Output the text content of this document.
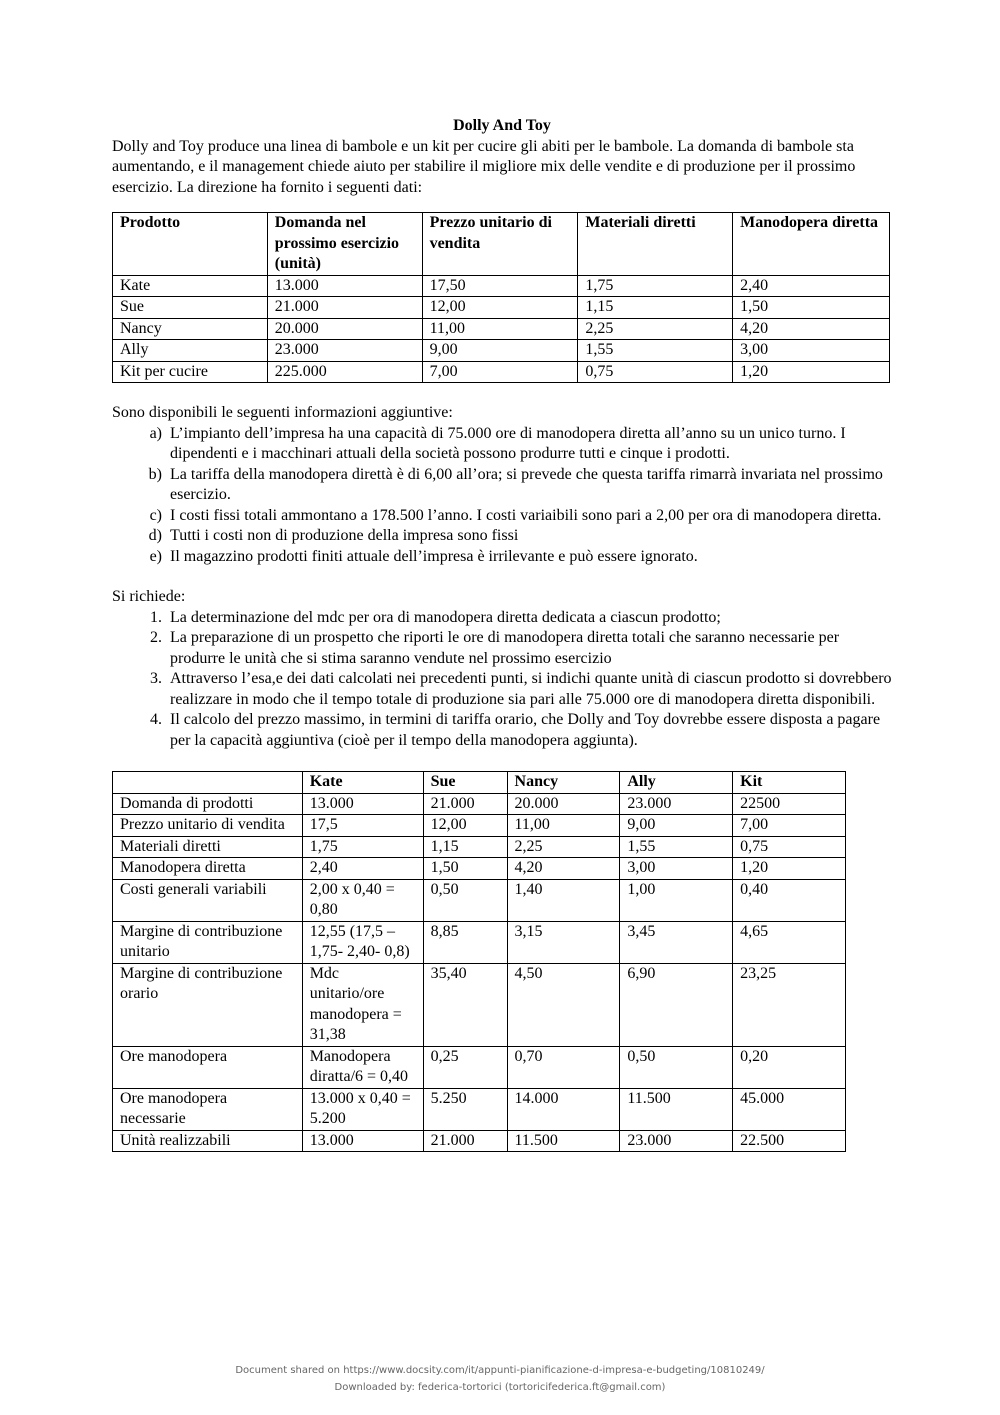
Dolly And Toy

Dolly and Toy produce una linea di bambole e un kit per cucire gli abiti per le bambole. La domanda di bambole sta aumentando, e il management chiede aiuto per stabilire il migliore mix delle vendite e di produzione per il prossimo esercizio. La direzione ha fornito i seguenti dati:

Prodotto	Domanda nel prossimo esercizio (unità)	Prezzo unitario di vendita	Materiali diretti	Manodopera diretta
Kate	13.000	17,50	1,75	2,40
Sue	21.000	12,00	1,15	1,50
Nancy	20.000	11,00	2,25	4,20
Ally	23.000	9,00	1,55	3,00
Kit per cucire	225.000	7,00	0,75	1,20

Sono disponibili le seguenti informazioni aggiuntive:

a. L’impianto dell’impresa ha una capacità di 75.000 ore di manodopera diretta all’anno su un unico turno. I dipendenti e i macchinari attuali della società possono produrre tutti e cinque i prodotti.
b. La tariffa della manodopera direttà è di 6,00 all’ora; si prevede che questa tariffa rimarrà invariata nel prossimo esercizio.
c. I costi fissi totali ammontano a 178.500 l’anno. I costi variaibili sono pari a 2,00 per ora di manodopera diretta.
d. Tutti i costi non di produzione della impresa sono fissi
e. Il magazzino prodotti finiti attuale dell’impresa è irrilevante e può essere ignorato.

Si richiede:

1. La determinazione del mdc per ora di manodopera diretta dedicata a ciascun prodotto;
2. La preparazione di un prospetto che riporti le ore di manodopera diretta totali che saranno necessarie per produrre le unità che si stima saranno vendute nel prossimo esercizio
3. Attraverso l’esa,e dei dati calcolati nei precedenti punti, si indichi quante unità di ciascun prodotto si dovrebbero realizzare in modo che il tempo totale di produzione sia pari alle 75.000 ore di manodopera diretta disponibili.
4. Il calcolo del prezzo massimo, in termini di tariffa orario, che Dolly and Toy dovrebbe essere disposta a pagare per la capacità aggiuntiva (cioè per il tempo della manodopera aggiunta).
	Kate	Sue	Nancy	Ally	Kit
Domanda di prodotti	13.000	21.000	20.000	23.000	22500
Prezzo unitario di vendita	17,5	12,00	11,00	9,00	7,00
Materiali diretti	1,75	1,15	2,25	1,55	0,75
Manodopera diretta	2,40	1,50	4,20	3,00	1,20
Costi generali variabili	2,00 x 0,40 = 0,80	0,50	1,40	1,00	0,40
Margine di contribuzione unitario	12,55 (17,5 – 1,75- 2,40- 0,8)	8,85	3,15	3,45	4,65
Margine di contribuzione orario	Mdc unitario/ore manodopera = 31,38	35,40	4,50	6,90	23,25
Ore manodopera	Manodopera diratta/6 = 0,40	0,25	0,70	0,50	0,20
Ore manodopera necessarie	13.000 x 0,40 = 5.200	5.250	14.000	11.500	45.000
Unità realizzabili	13.000	21.000	11.500	23.000	22.500
Document shared on https://www.docsity.com/it/appunti-pianificazione-d-impresa-e-budgeting/10810249/
Downloaded by: federica-tortorici (tortoricifederica.ft@gmail.com)
